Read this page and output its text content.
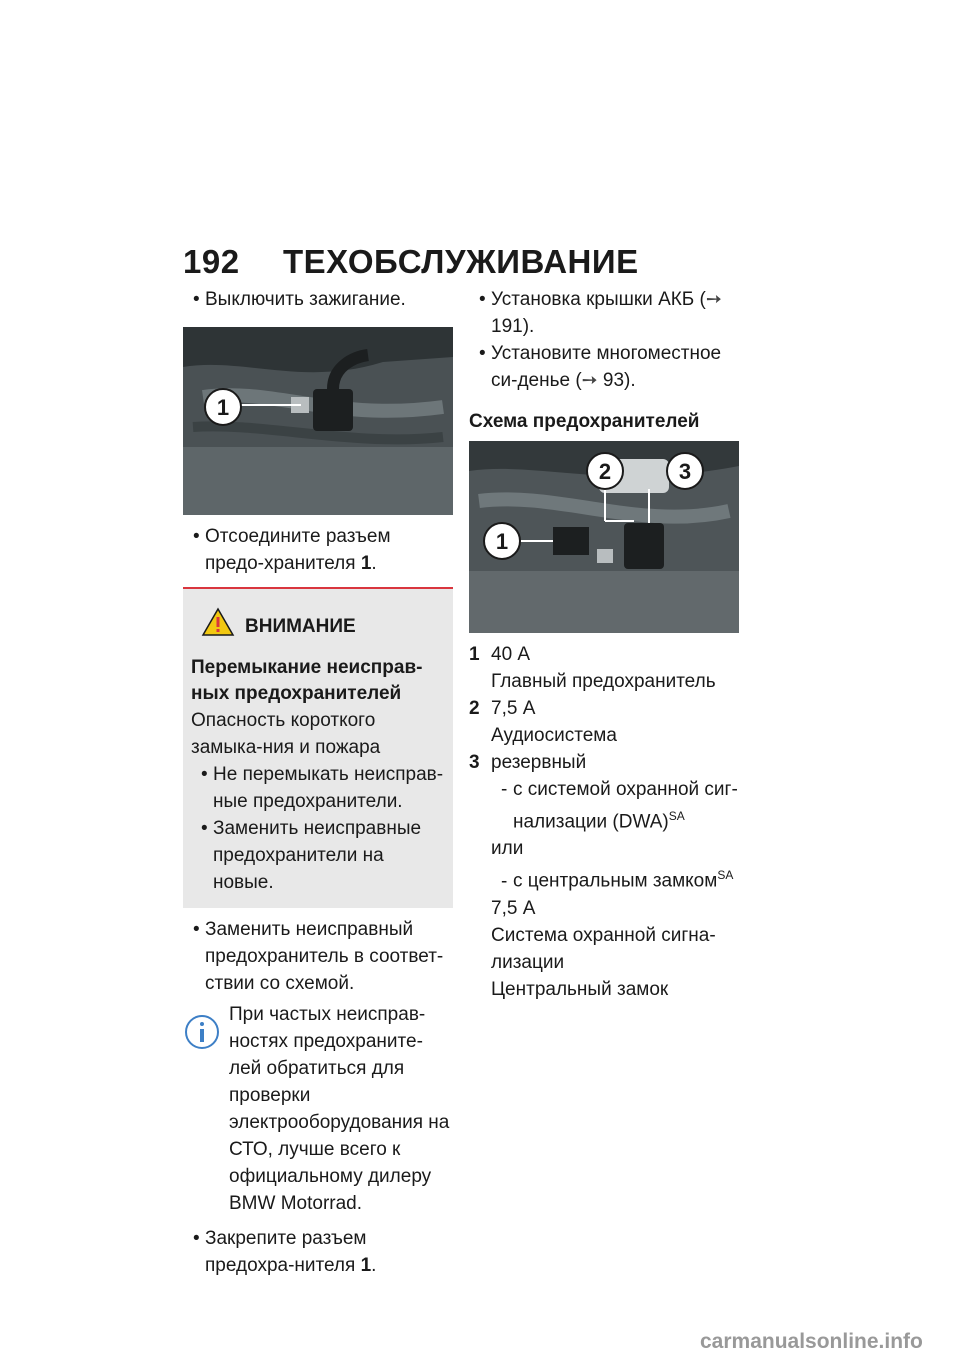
192 ТЕХОБСЛУЖИВАНИЕ

• Выключить зажигание.

1

• Отсоедините разъем предо-хранителя 1.

ВНИМАНИЕ
Перемыкание неисправ-ных предохранителей
Опасность короткого замыка-ния и пожара

• Не перемыкать неисправ-ные предохранители.

• Заменить неисправные предохранители на новые.

• Заменить неисправный предохранитель в соответ-ствии со схемой.

При частых неисправ-ностях предохраните-лей обратиться для проверки электрооборудования на СТО, лучше всего к официальному дилеру BMW Motorrad.

• Закрепите разъем предохра-нителя 1.

• Установка крышки АКБ (➙ 191).

• Установите многоместное си-денье (➙ 93).

Схема предохранителей
1
2	3
1 40 А
Главный предохранитель
2 7,5 А
Аудиосистема
3 резервный
- с системой охранной сиг-нализации (DWA)$^{SA}$
или
- с центральным замком$^{SA}$
7,5 А
Система охранной сигна-лизации
Центральный замок
carmanualsonline.info
